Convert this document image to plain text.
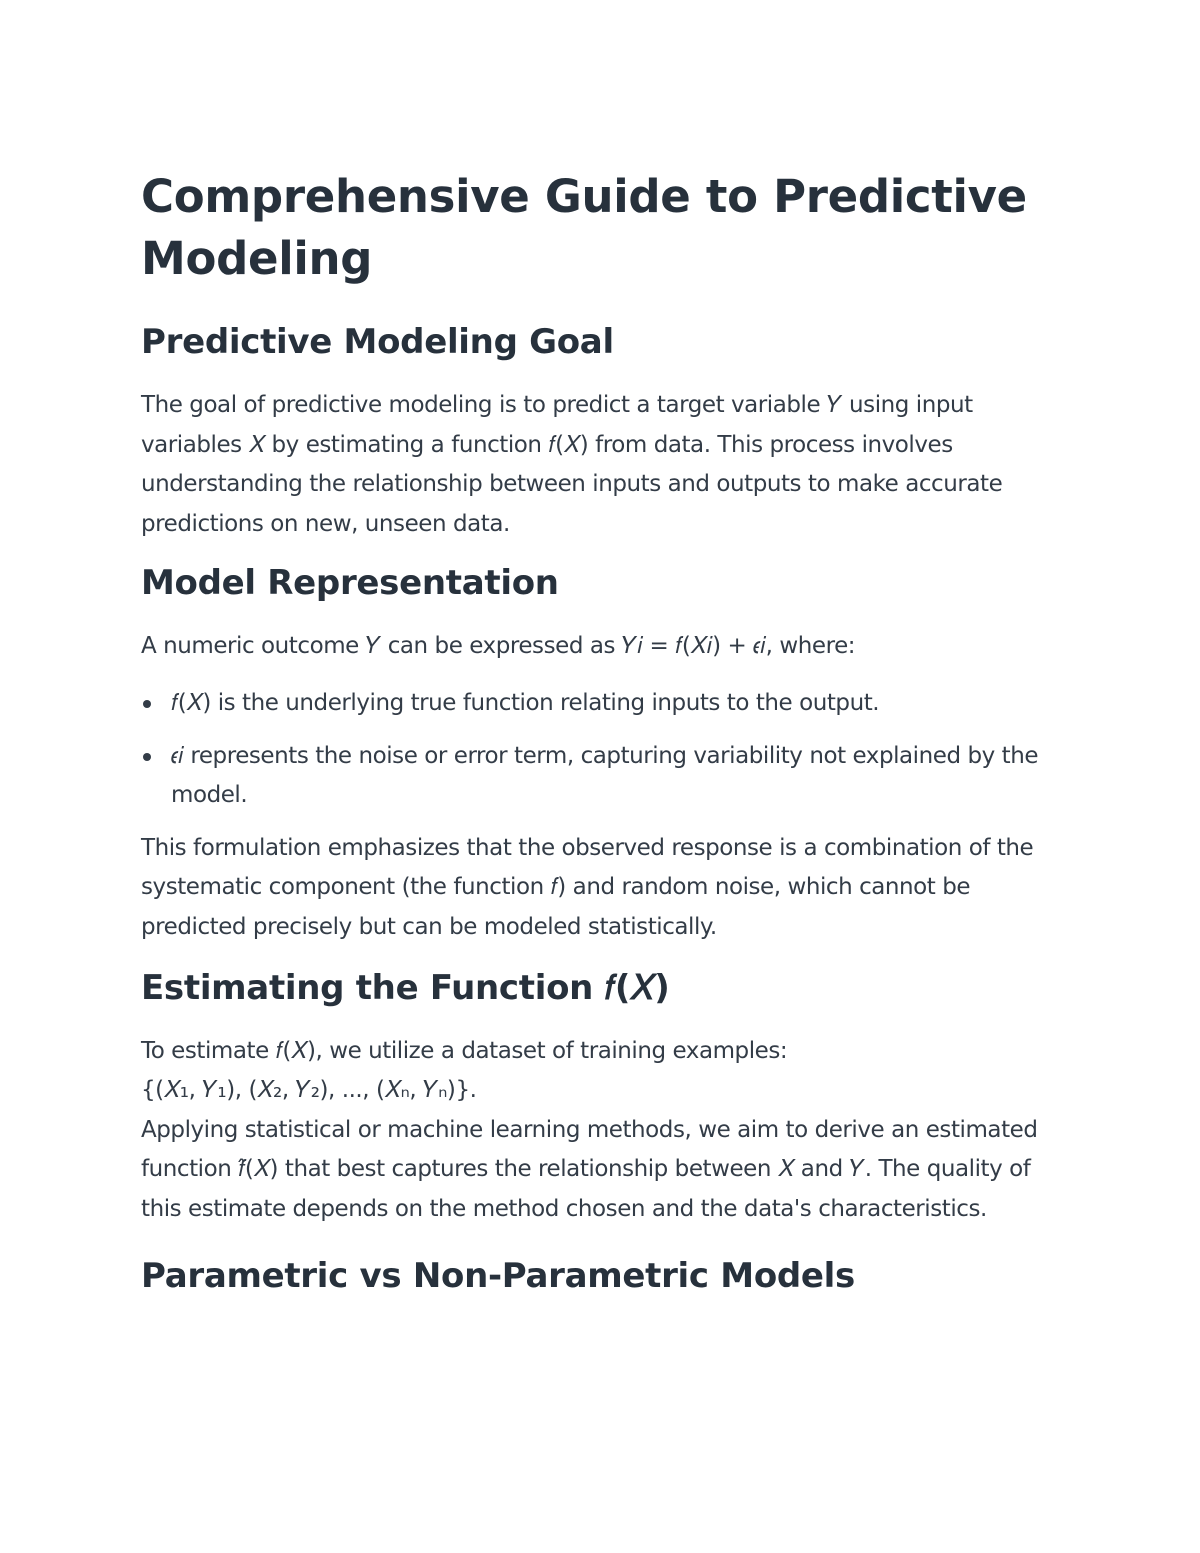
Comprehensive Guide to Predictive Modeling
Predictive Modeling Goal

The goal of predictive modeling is to predict a target variable 𝑌 using input variables 𝑋 by estimating a function 𝑓(𝑋) from data. This process involves understanding the relationship between inputs and outputs to make accurate predictions on new, unseen data.

Model Representation

A numeric outcome 𝑌 can be expressed as 𝑌𝑖 = 𝑓(𝑋𝑖) + 𝜖𝑖, where:

𝑓(𝑋) is the underlying true function relating inputs to the output.
𝜖𝑖 represents the noise or error term, capturing variability not explained by the model.

This formulation emphasizes that the observed response is a combination of the systematic component (the function 𝑓) and random noise, which cannot be predicted precisely but can be modeled statistically.

Estimating the Function 𝑓(𝑋)

To estimate 𝑓(𝑋), we utilize a dataset of training examples:
{(𝑋₁, 𝑌₁), (𝑋₂, 𝑌₂), ..., (𝑋ₙ, 𝑌ₙ)}.
Applying statistical or machine learning methods, we aim to derive an estimated function 𝑓̂(𝑋) that best captures the relationship between 𝑋 and 𝑌. The quality of this estimate depends on the method chosen and the data's characteristics.

Parametric vs Non-Parametric Models
